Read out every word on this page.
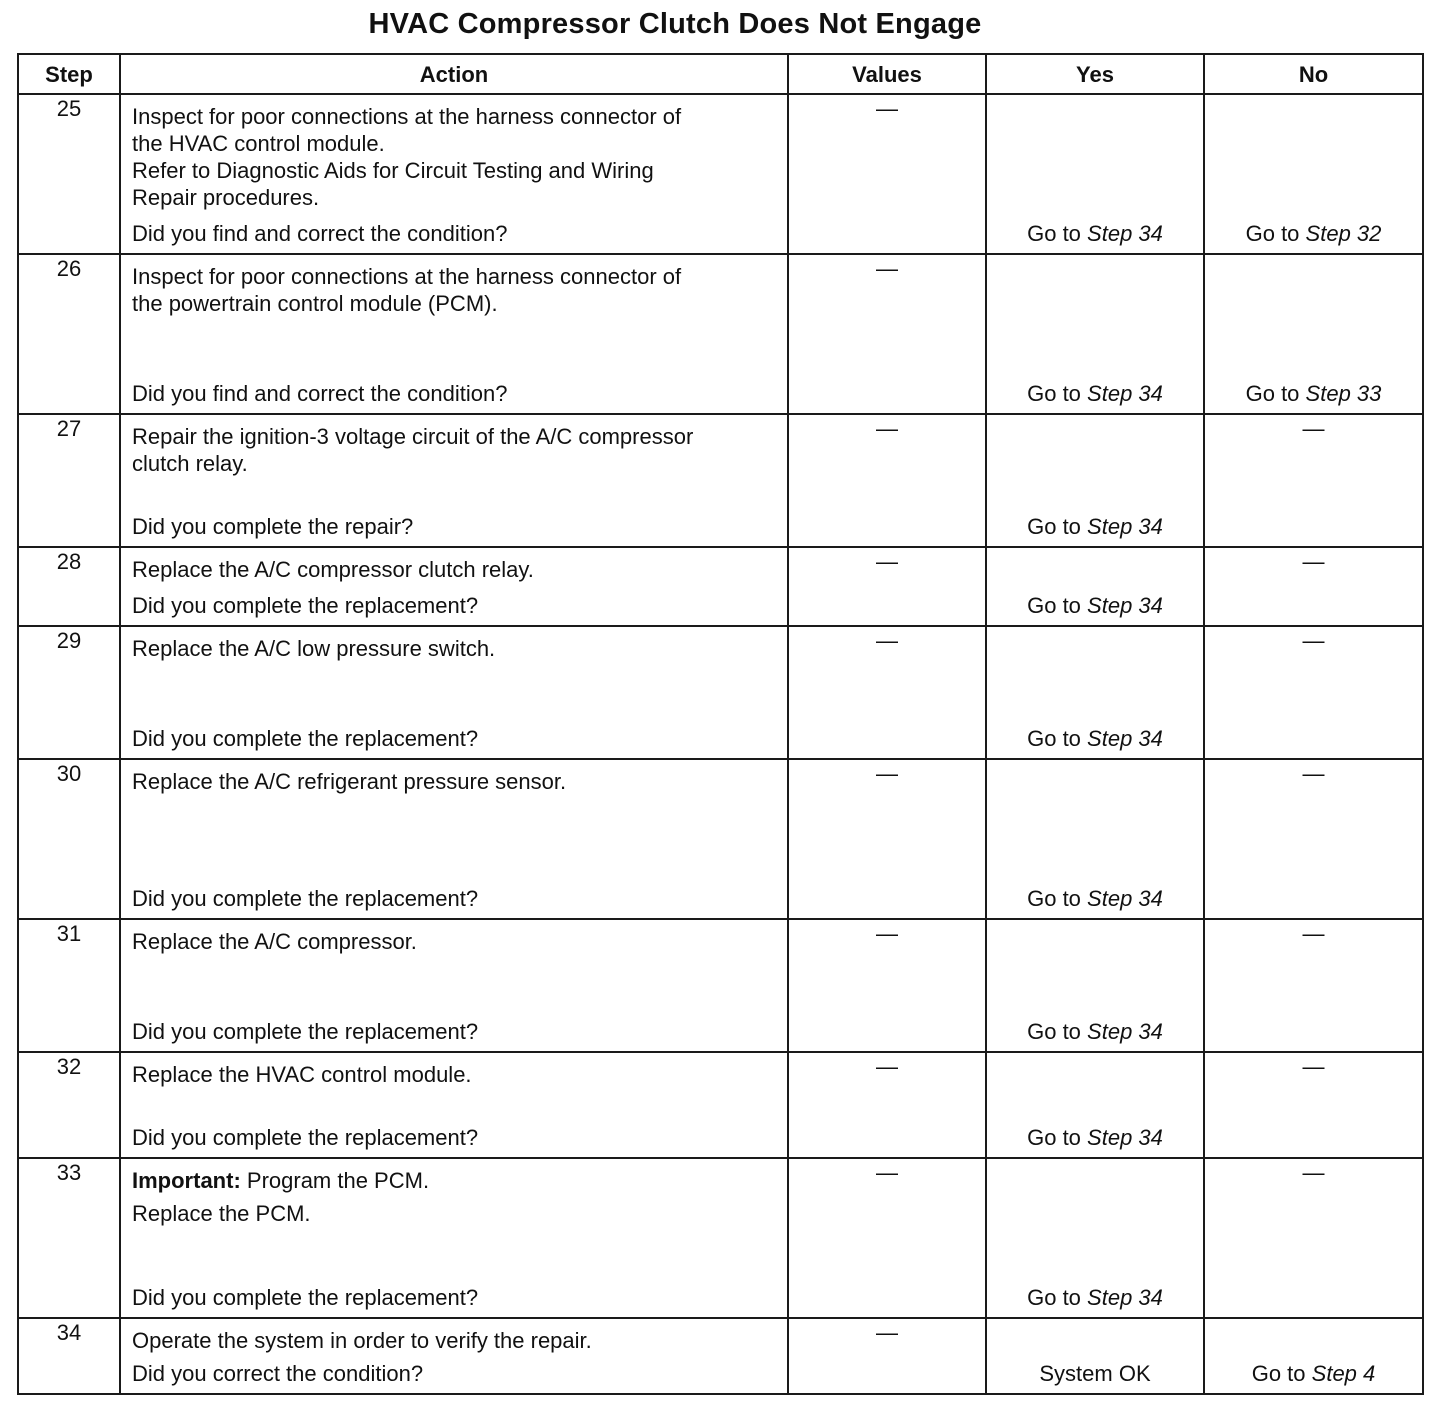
HVAC Compressor Clutch Does Not Engage
Step	Action	Values	Yes	No
25	Inspect for poor connections at the harness connector of
the HVAC control module.
Refer to Diagnostic Aids for Circuit Testing and Wiring
Repair procedures.
Did you find and correct the condition?	—	Go to Step 34	Go to Step 32
26	Inspect for poor connections at the harness connector of
the powertrain control module (PCM).
Did you find and correct the condition?	—	Go to Step 34	Go to Step 33
27	Repair the ignition-3 voltage circuit of the A/C compressor
clutch relay.
Did you complete the repair?	—	Go to Step 34	—
28	Replace the A/C compressor clutch relay.
Did you complete the replacement?	—	Go to Step 34	—
29	Replace the A/C low pressure switch.
Did you complete the replacement?	—	Go to Step 34	—
30	Replace the A/C refrigerant pressure sensor.
Did you complete the replacement?	—	Go to Step 34	—
31	Replace the A/C compressor.
Did you complete the replacement?	—	Go to Step 34	—
32	Replace the HVAC control module.
Did you complete the replacement?	—	Go to Step 34	—
33	Important: Program the PCM.
Replace the PCM.
Did you complete the replacement?	—	Go to Step 34	—
34	Operate the system in order to verify the repair.
Did you correct the condition?	—	System OK	Go to Step 4
